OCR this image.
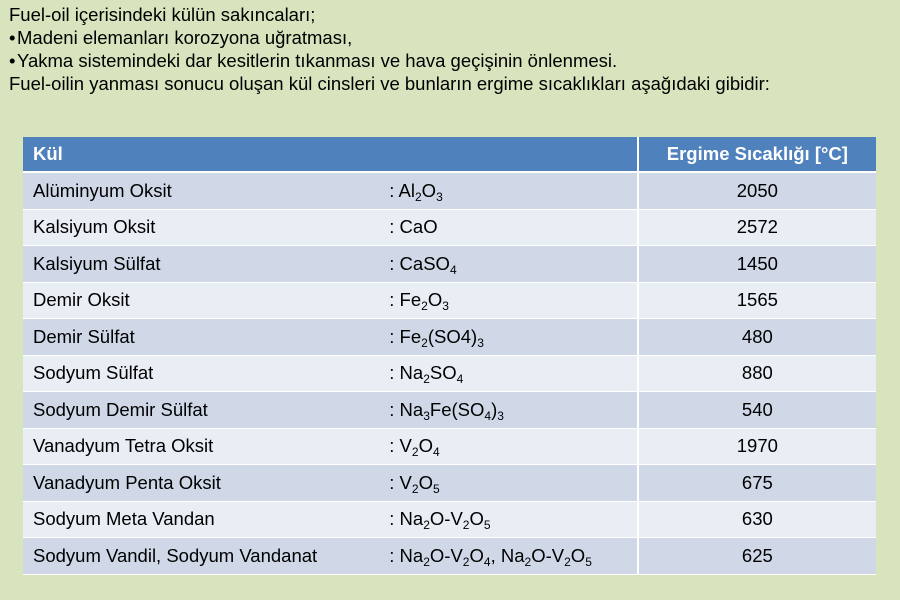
Fuel-oil içerisindeki külün sakıncaları;
•Madeni elemanları korozyona uğratması,
•Yakma sistemindeki dar kesitlerin tıkanması ve hava geçişinin önlenmesi.
Fuel-oilin yanması sonucu oluşan kül cinsleri ve bunların ergime sıcaklıkları aşağıdaki gibidir:
Kül		Ergime Sıcaklığı [°C]
Alüminyum Oksit	: $Al_2O_3$	2050
Kalsiyum Oksit	: CaO	2572
Kalsiyum Sülfat	: CaSO$_4$	1450
Demir Oksit	: $Fe_2O_3$	1565
Demir Sülfat	: $Fe_2(SO4)_3$	480
Sodyum Sülfat	: $Na_2SO_4$	880
Sodyum Demir Sülfat	: $Na_3Fe(SO_4)_3$	540
Vanadyum Tetra Oksit	: $V_2O_4$	1970
Vanadyum Penta Oksit	: $V_2O_5$	675
Sodyum Meta Vandan	: $Na_2O-V_2O_5$	630
Sodyum Vandil, Sodyum Vandanat	: $Na_2O-V_2O_4$, $Na_2O-V_2O_5$	625
